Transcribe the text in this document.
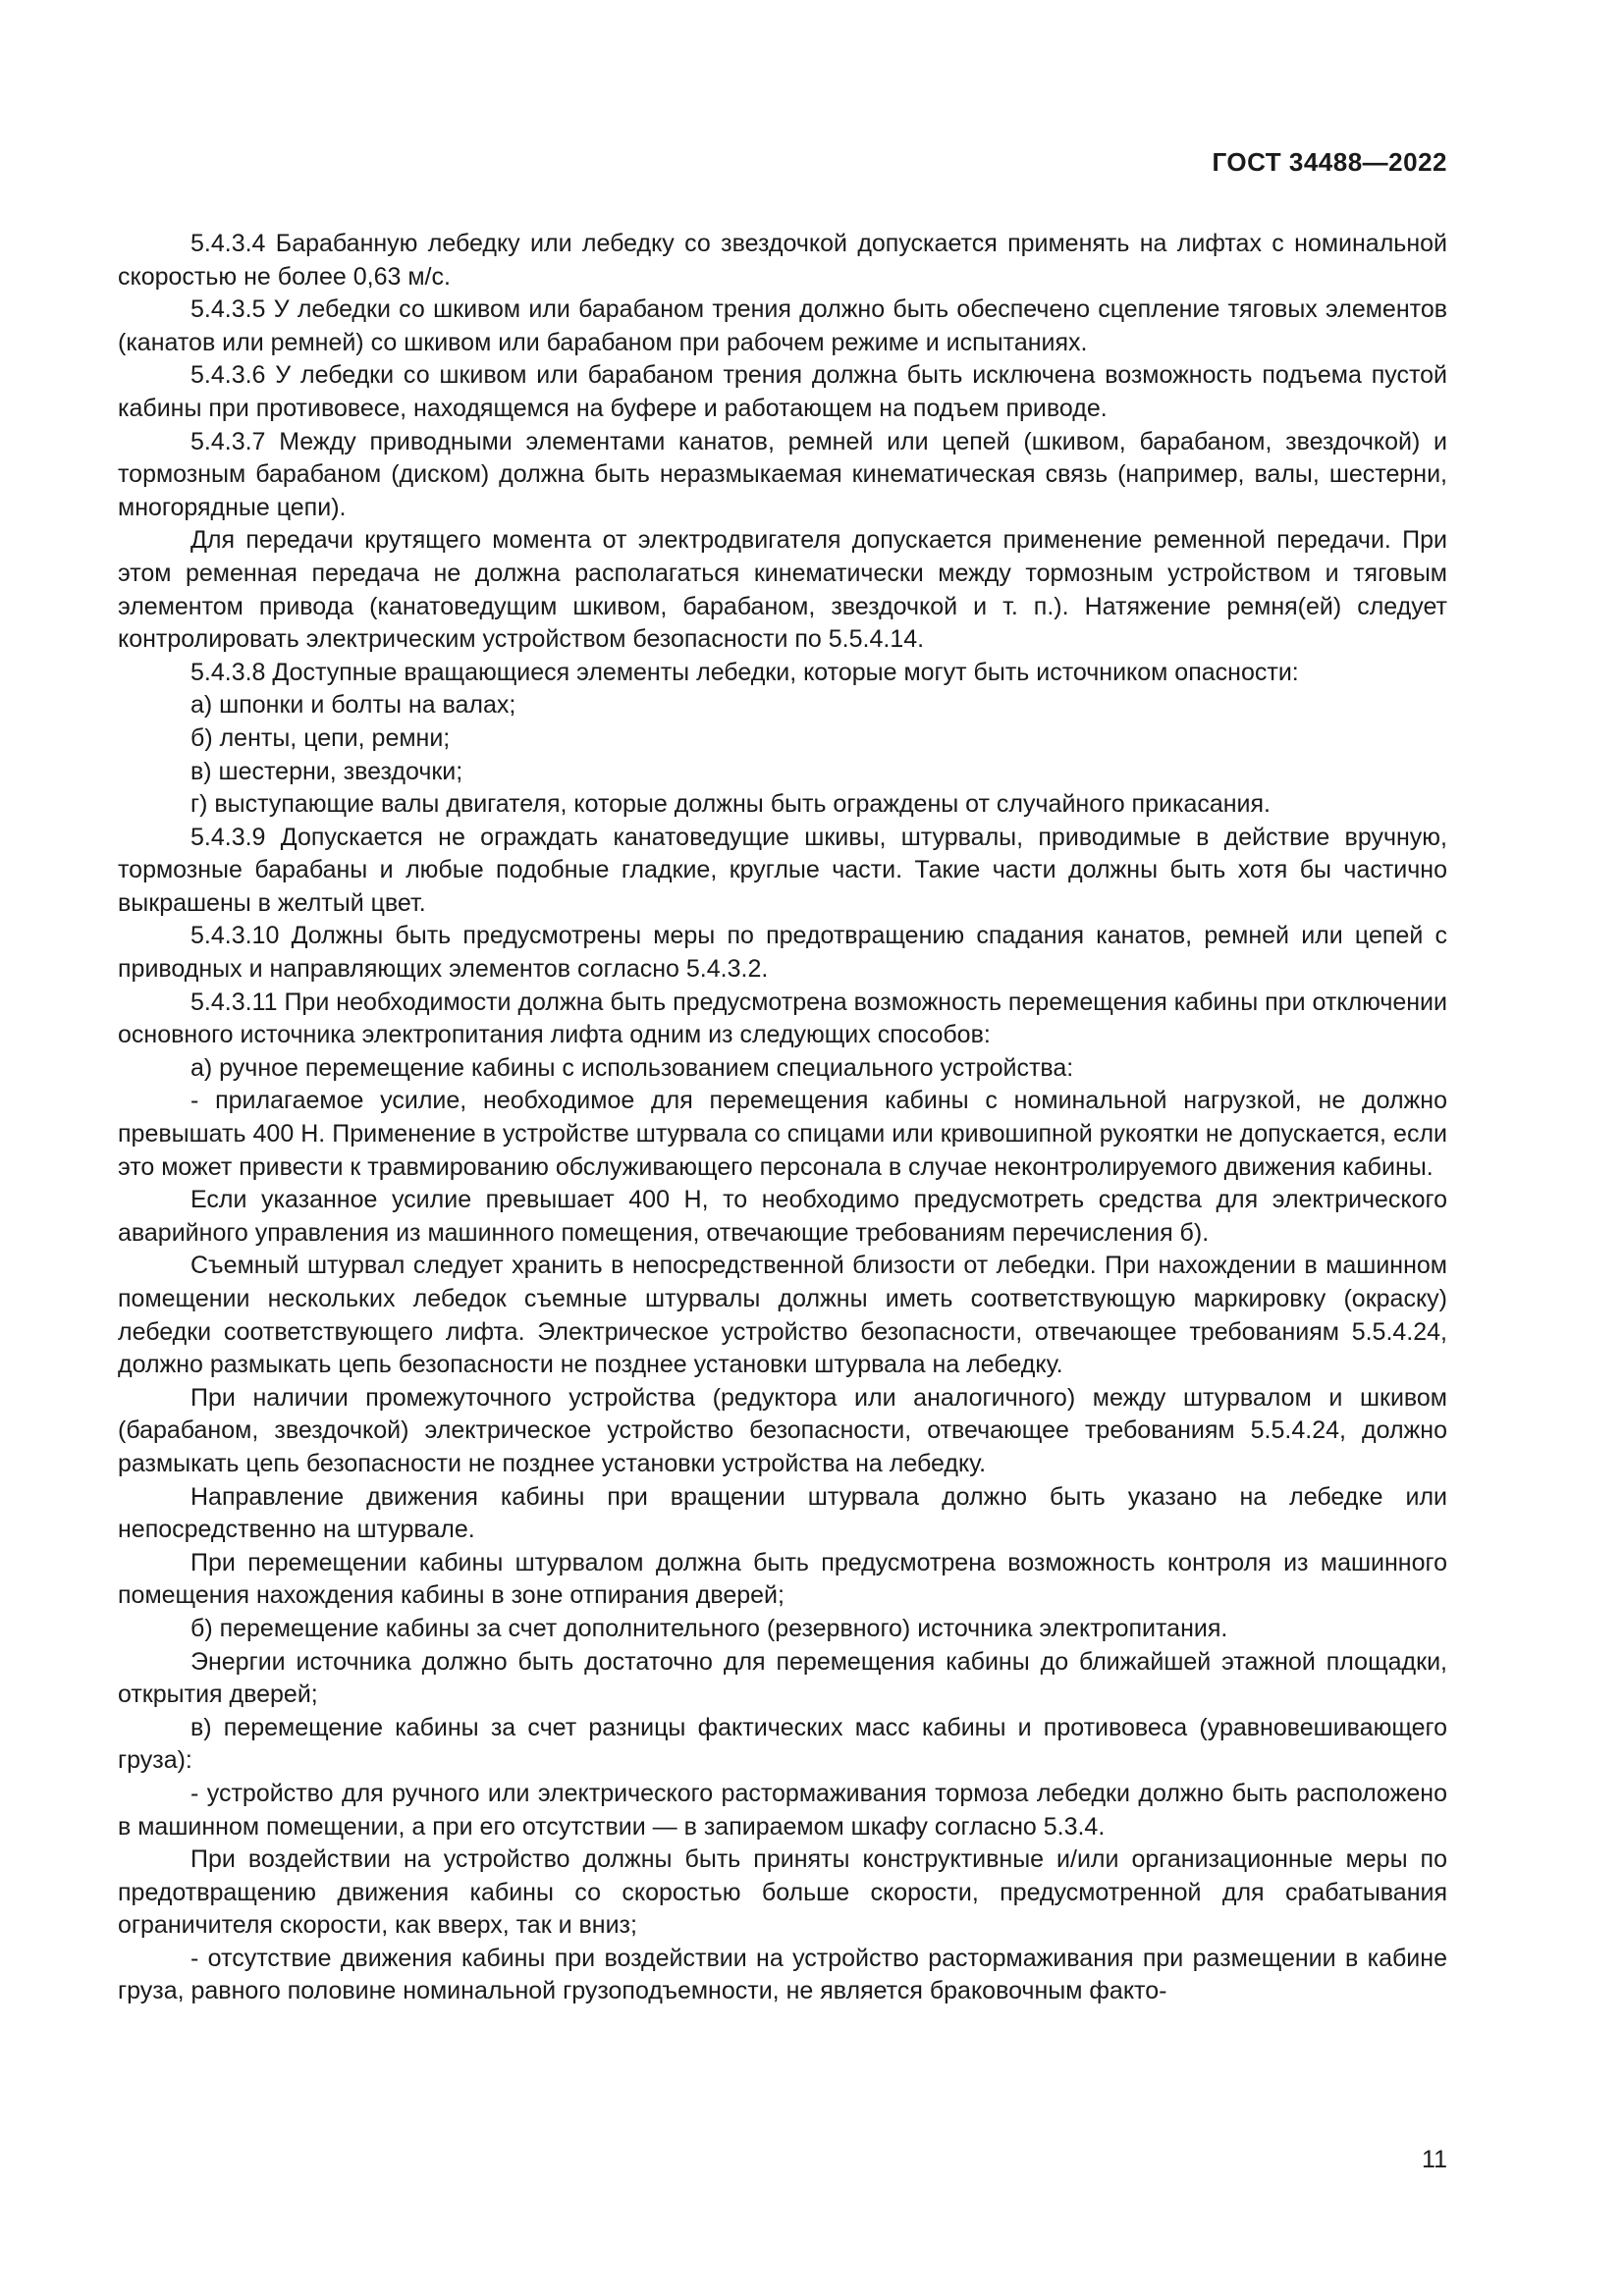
ГОСТ 34488—2022

5.4.3.4 Барабанную лебедку или лебедку со звездочкой допускается применять на лифтах с номинальной скоростью не более 0,63 м/с.

5.4.3.5 У лебедки со шкивом или барабаном трения должно быть обеспечено сцепление тяговых элементов (канатов или ремней) со шкивом или барабаном при рабочем режиме и испытаниях.

5.4.3.6 У лебедки со шкивом или барабаном трения должна быть исключена возможность подъема пустой кабины при противовесе, находящемся на буфере и работающем на подъем приводе.

5.4.3.7 Между приводными элементами канатов, ремней или цепей (шкивом, барабаном, звездочкой) и тормозным барабаном (диском) должна быть неразмыкаемая кинематическая связь (например, валы, шестерни, многорядные цепи).

Для передачи крутящего момента от электродвигателя допускается применение ременной передачи. При этом ременная передача не должна располагаться кинематически между тормозным устройством и тяговым элементом привода (канатоведущим шкивом, барабаном, звездочкой и т. п.). Натяжение ремня(ей) следует контролировать электрическим устройством безопасности по 5.5.4.14.

5.4.3.8 Доступные вращающиеся элементы лебедки, которые могут быть источником опасности:

а) шпонки и болты на валах;

б) ленты, цепи, ремни;

в) шестерни, звездочки;

г) выступающие валы двигателя, которые должны быть ограждены от случайного прикасания.

5.4.3.9 Допускается не ограждать канатоведущие шкивы, штурвалы, приводимые в действие вручную, тормозные барабаны и любые подобные гладкие, круглые части. Такие части должны быть хотя бы частично выкрашены в желтый цвет.

5.4.3.10 Должны быть предусмотрены меры по предотвращению спадания канатов, ремней или цепей с приводных и направляющих элементов согласно 5.4.3.2.

5.4.3.11 При необходимости должна быть предусмотрена возможность перемещения кабины при отключении основного источника электропитания лифта одним из следующих способов:

а) ручное перемещение кабины с использованием специального устройства:

- прилагаемое усилие, необходимое для перемещения кабины с номинальной нагрузкой, не должно превышать 400 Н. Применение в устройстве штурвала со спицами или кривошипной рукоятки не допускается, если это может привести к травмированию обслуживающего персонала в случае неконтролируемого движения кабины.

Если указанное усилие превышает 400 Н, то необходимо предусмотреть средства для электрического аварийного управления из машинного помещения, отвечающие требованиям перечисления б).

Съемный штурвал следует хранить в непосредственной близости от лебедки. При нахождении в машинном помещении нескольких лебедок съемные штурвалы должны иметь соответствующую маркировку (окраску) лебедки соответствующего лифта. Электрическое устройство безопасности, отвечающее требованиям 5.5.4.24, должно размыкать цепь безопасности не позднее установки штурвала на лебедку.

При наличии промежуточного устройства (редуктора или аналогичного) между штурвалом и шкивом (барабаном, звездочкой) электрическое устройство безопасности, отвечающее требованиям 5.5.4.24, должно размыкать цепь безопасности не позднее установки устройства на лебедку.

Направление движения кабины при вращении штурвала должно быть указано на лебедке или непосредственно на штурвале.

При перемещении кабины штурвалом должна быть предусмотрена возможность контроля из машинного помещения нахождения кабины в зоне отпирания дверей;

б) перемещение кабины за счет дополнительного (резервного) источника электропитания.

Энергии источника должно быть достаточно для перемещения кабины до ближайшей этажной площадки, открытия дверей;

в) перемещение кабины за счет разницы фактических масс кабины и противовеса (уравновешивающего груза):

- устройство для ручного или электрического растормаживания тормоза лебедки должно быть расположено в машинном помещении, а при его отсутствии — в запираемом шкафу согласно 5.3.4.

При воздействии на устройство должны быть приняты конструктивные и/или организационные меры по предотвращению движения кабины со скоростью больше скорости, предусмотренной для срабатывания ограничителя скорости, как вверх, так и вниз;

- отсутствие движения кабины при воздействии на устройство растормаживания при размещении в кабине груза, равного половине номинальной грузоподъемности, не является браковочным факто-

11
